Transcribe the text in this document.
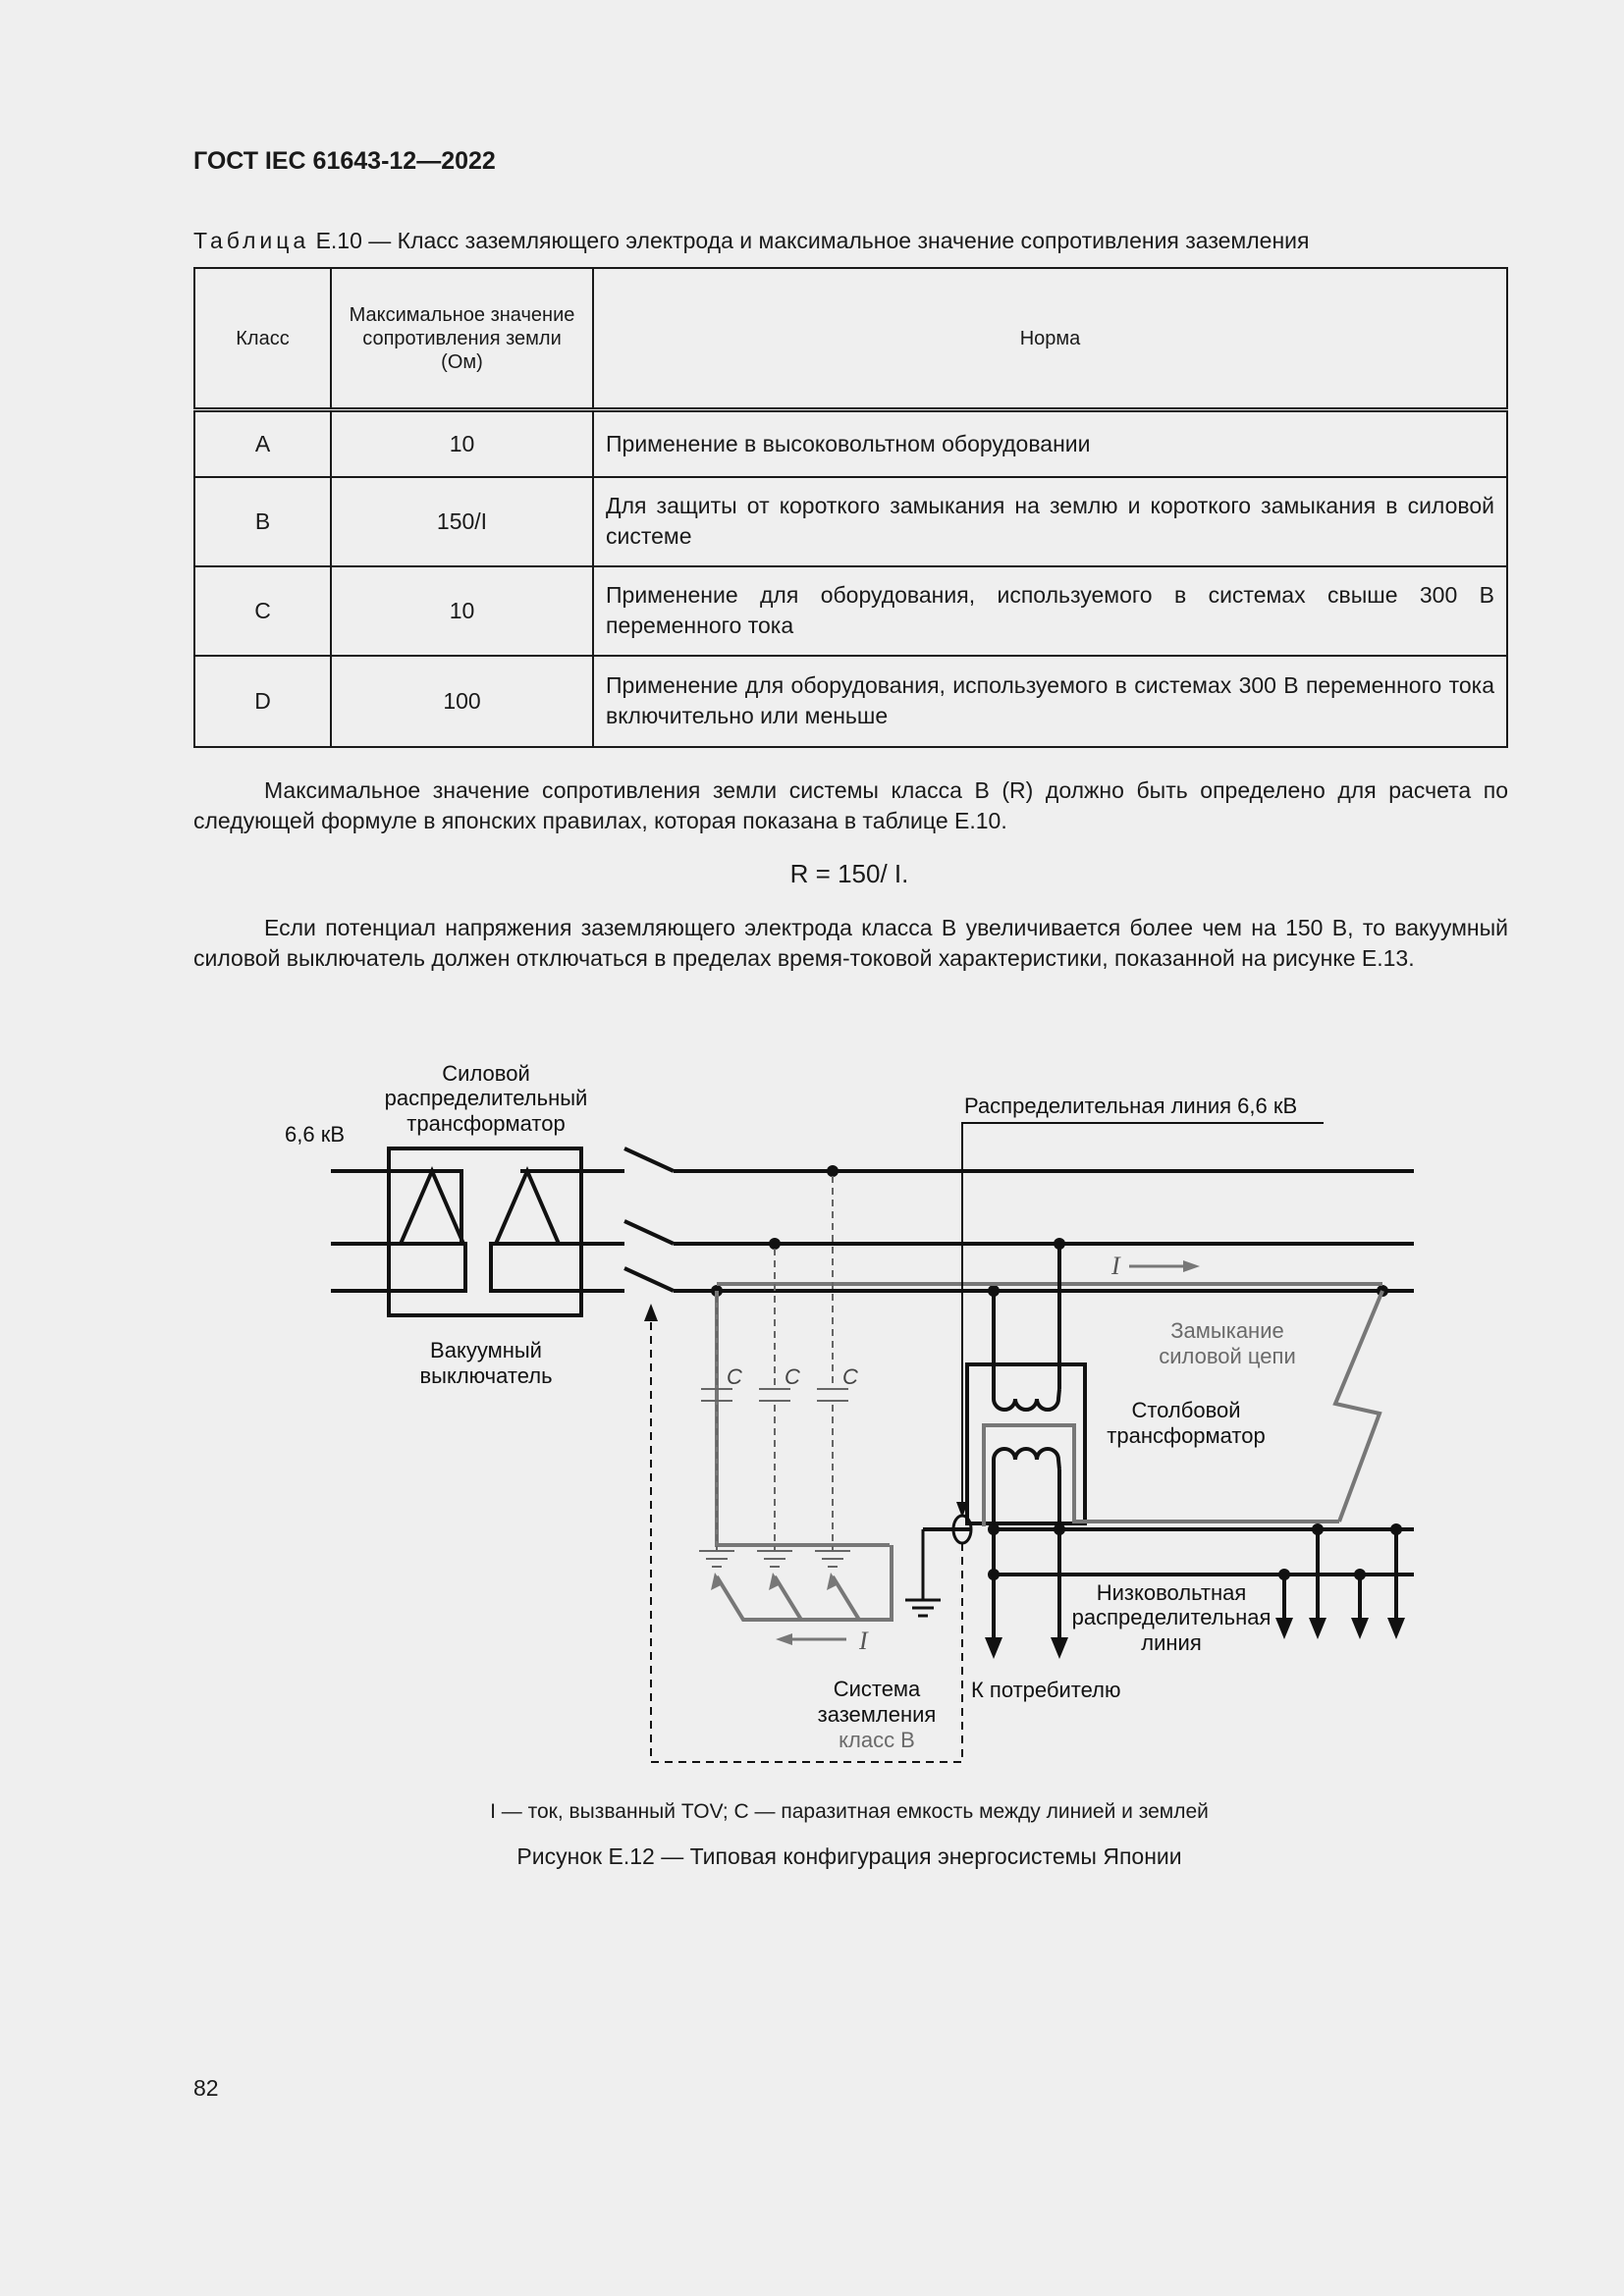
ГОСТ IEC 61643-12—2022
Таблица Е.10 — Класс заземляющего электрода и максимальное значение сопротивления заземления
Класс	Максимальное значение сопротивления земли (Ом)	Норма
A	10	Применение в высоковольтном оборудовании
B	150/I	Для защиты от короткого замыкания на землю и короткого замыкания в силовой системе
C	10	Применение для оборудования, используемого в системах свыше 300 В переменного тока
D	100	Применение для оборудования, используемого в системах 300 В переменного тока включительно или меньше
Максимальное значение сопротивления земли системы класса В (R) должно быть определено для расчета по следующей формуле в японских правилах, которая показана в таблице Е.10.
R = 150/ I.
Если потенциал напряжения заземляющего электрода класса В увеличивается более чем на 150 В, то вакуумный силовой выключатель должен отключаться в пределах время-токовой характеристики, показанной на рисунке Е.13.
C C C
I
I
Силовой
распределительный
трансформатор
6,6 кВ
Распределительная линия 6,6 кВ
Вакуумный
выключатель
Столбовой
трансформатор
Низковольтная
распределительная
линия
Система
заземления
К потребителю
Замыкание
силовой цепи
класс В
I — ток, вызванный TOV; С — паразитная емкость между линией и землей
Рисунок Е.12 — Типовая конфигурация энергосистемы Японии
82
